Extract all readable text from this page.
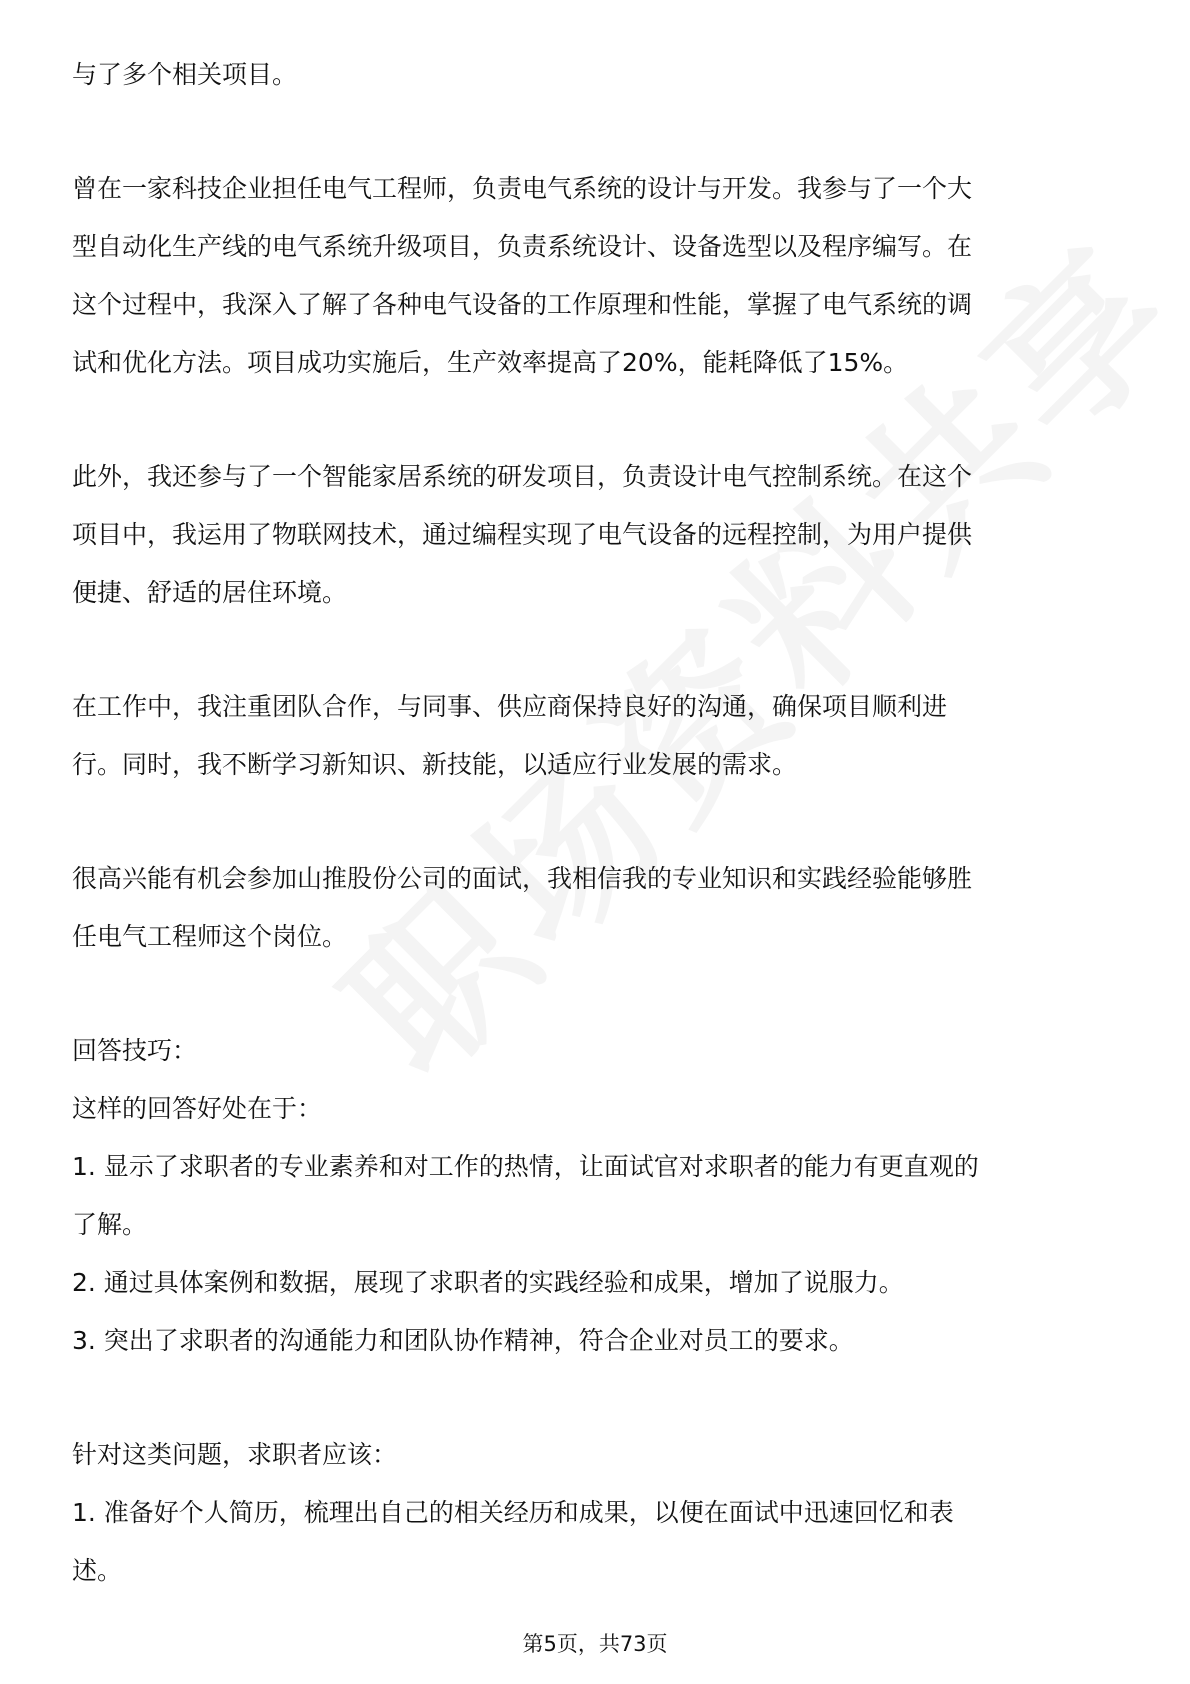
与了多个相关项目。

曾在一家科技企业担任电气工程师，负责电气系统的设计与开发。我参与了一个大

型自动化生产线的电气系统升级项目，负责系统设计、设备选型以及程序编写。在

这个过程中，我深入了解了各种电气设备的工作原理和性能，掌握了电气系统的调

试和优化方法。项目成功实施后，生产效率提高了20%，能耗降低了15%。

此外，我还参与了一个智能家居系统的研发项目，负责设计电气控制系统。在这个

项目中，我运用了物联网技术，通过编程实现了电气设备的远程控制，为用户提供

便捷、舒适的居住环境。

在工作中，我注重团队合作，与同事、供应商保持良好的沟通，确保项目顺利进

行。同时，我不断学习新知识、新技能，以适应行业发展的需求。

很高兴能有机会参加山推股份公司的面试，我相信我的专业知识和实践经验能够胜

任电气工程师这个岗位。

回答技巧：

这样的回答好处在于：

1. 显示了求职者的专业素养和对工作的热情，让面试官对求职者的能力有更直观的

了解。

2. 通过具体案例和数据，展现了求职者的实践经验和成果，增加了说服力。

3. 突出了求职者的沟通能力和团队协作精神，符合企业对员工的要求。

针对这类问题，求职者应该：

1. 准备好个人简历，梳理出自己的相关经历和成果，以便在面试中迅速回忆和表

述。

第5页，共73页
